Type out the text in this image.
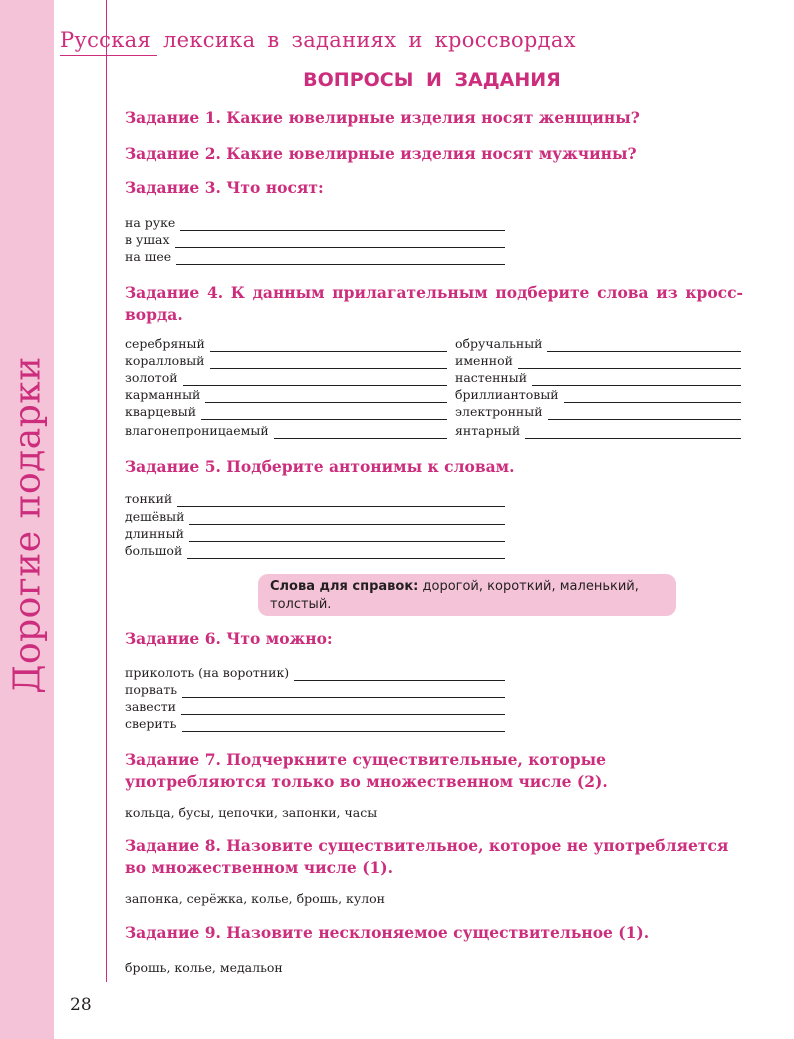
Дорогие подарки
28
Русская лексика в заданиях и кроссвордах
ВОПРОСЫ И ЗАДАНИЯ
Задание 1. Какие ювелирные изделия носят женщины?
Задание 2. Какие ювелирные изделия носят мужчины?
Задание 3. Что носят:
на руке
в ушах
на шее
Задание 4. К данным прилагательным подберите слова из кросс-ворда.
серебряный
коралловый
золотой
карманный
кварцевый
влагонепроницаемый
обручальный
именной
настенный
бриллиантовый
электронный
янтарный
Задание 5. Подберите антонимы к словам.
тонкий
дешёвый
длинный
большой
Слова для справок: дорогой, короткий, маленький, толстый.
Задание 6. Что можно:
приколоть (на воротник)
порвать
завести
сверить
Задание 7. Подчеркните существительные, которые употребляются только во множественном числе (2).
кольца, бусы, цепочки, запонки, часы
Задание 8. Назовите существительное, которое не употребляется во множественном числе (1).
запонка, серёжка, колье, брошь, кулон
Задание 9. Назовите несклоняемое существительное (1).
брошь, колье, медальон
